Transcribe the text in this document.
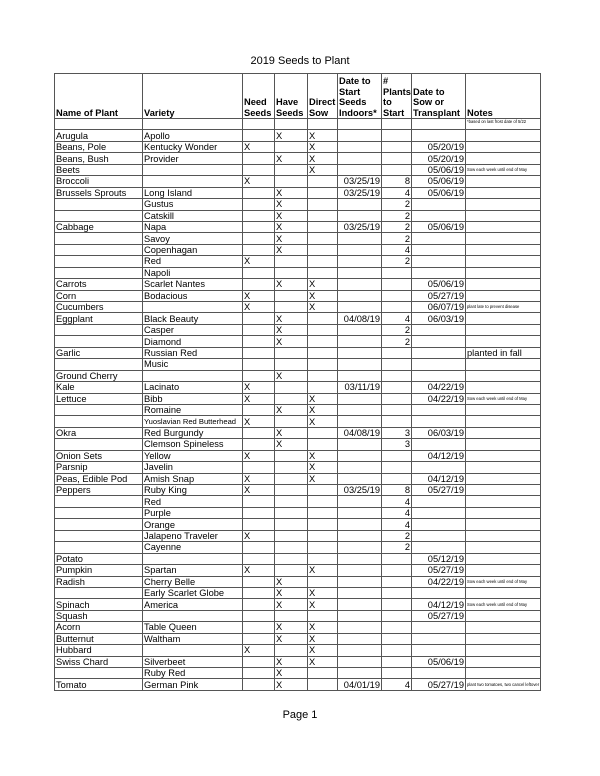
2019 Seeds to Plant
Name of Plant	Variety	Need Seeds	Have Seeds	Direct Sow	Date to Start Seeds Indoors*	# Plants to Start	Date to Sow or Transplant	Notes
								*based on last frost date of 5/22
Arugula	Apollo		X	X				
Beans, Pole	Kentucky Wonder	X		X			05/20/19	
Beans, Bush	Provider		X	X			05/20/19	
Beets				X			05/06/19	Sow each week until end of May
Broccoli		X			03/25/19	8	05/06/19	
Brussels Sprouts	Long Island		X		03/25/19	4	05/06/19	
	Gustus		X			2		
	Catskill		X			2		
Cabbage	Napa		X		03/25/19	2	05/06/19	
	Savoy		X			2		
	Copenhagan		X			4		
	Red	X				2		
	Napoli							
Carrots	Scarlet Nantes		X	X			05/06/19	
Corn	Bodacious	X		X			05/27/19	
Cucumbers		X		X			06/07/19	plant late to prevent disease
Eggplant	Black Beauty		X		04/08/19	4	06/03/19	
	Casper		X			2		
	Diamond		X			2		
Garlic	Russian Red							planted in fall
	Music							
Ground Cherry			X					
Kale	Lacinato	X			03/11/19		04/22/19	
Lettuce	Bibb	X		X			04/22/19	Sow each week until end of May
	Romaine		X	X				
	Yuoslavian Red Butterhead	X		X				
Okra	Red Burgundy		X		04/08/19	3	06/03/19	
	Clemson Spineless		X			3		
Onion Sets	Yellow	X		X			04/12/19	
Parsnip	Javelin			X				
Peas, Edible Pod	Amish Snap	X		X			04/12/19	
Peppers	Ruby King	X			03/25/19	8	05/27/19	
	Red					4		
	Purple					4		
	Orange					4		
	Jalapeno Traveler	X				2		
	Cayenne					2		
Potato							05/12/19	
Pumpkin	Spartan	X		X			05/27/19	
Radish	Cherry Belle		X				04/22/19	Sow each week until end of May
	Early Scarlet Globe		X	X				
Spinach	America		X	X			04/12/19	Sow each week until end of May
Squash							05/27/19	
Acorn	Table Queen		X	X				
Butternut	Waltham		X	X				
Hubbard		X		X				
Swiss Chard	Silverbeet		X	X			05/06/19	
	Ruby Red		X					
Tomato	German Pink		X		04/01/19	4	05/27/19	plant two tomatoes, two cancel leftover
Page 1
